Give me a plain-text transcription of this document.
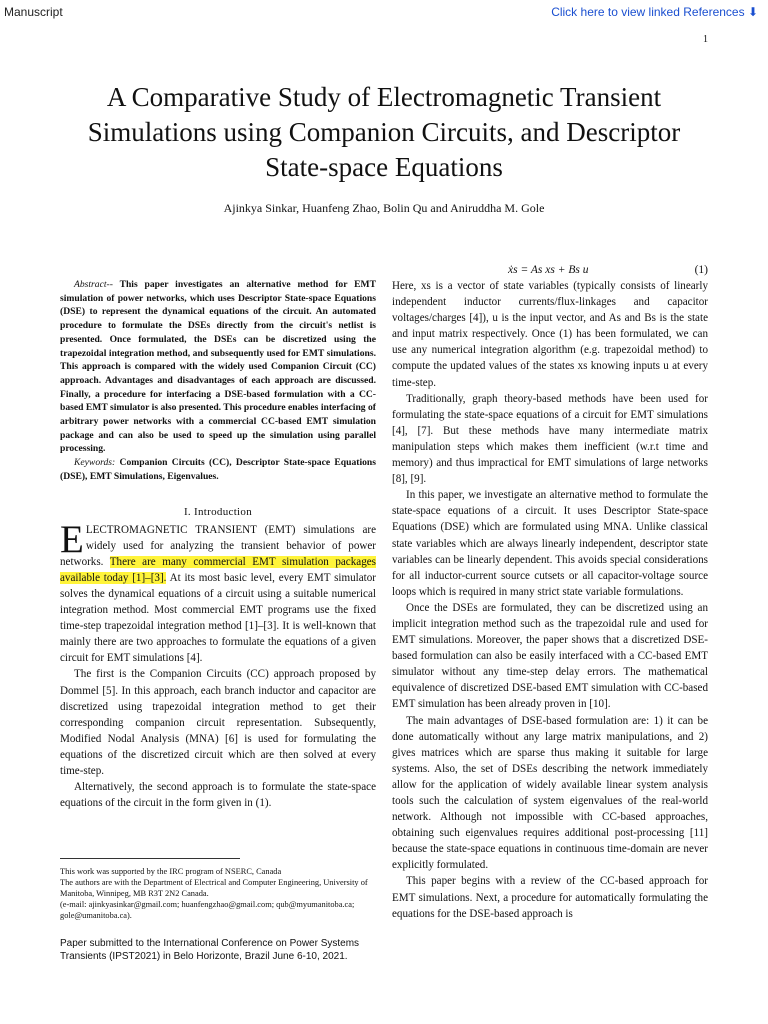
Manuscript	Click here to view linked References ⬇
1
A Comparative Study of Electromagnetic Transient Simulations using Companion Circuits, and Descriptor State-space Equations
Ajinkya Sinkar, Huanfeng Zhao, Bolin Qu and Aniruddha M. Gole

Abstract-- This paper investigates an alternative method for EMT simulation of power networks, which uses Descriptor State-space Equations (DSE) to represent the dynamical equations of the circuit. An automated procedure to formulate the DSEs directly from the circuit's netlist is presented. Once formulated, the DSEs can be discretized using the trapezoidal integration method, and subsequently used for EMT simulations. This approach is compared with the widely used Companion Circuit (CC) approach. Advantages and disadvantages of each approach are discussed. Finally, a procedure for interfacing a DSE-based formulation with a CC-based EMT simulator is also presented. This procedure enables interfacing of arbitrary power networks with a commercial CC-based EMT simulation package and can also be used to speed up the simulation using parallel processing.

Keywords: Companion Circuits (CC), Descriptor State-space Equations (DSE), EMT Simulations, Eigenvalues.

I. Introduction

ELECTROMAGNETIC TRANSIENT (EMT) simulations are widely used for analyzing the transient behavior of power networks. There are many commercial EMT simulation packages available today [1]–[3]. At its most basic level, every EMT simulator solves the dynamical equations of a circuit using a suitable numerical integration method. Most commercial EMT programs use the fixed time-step trapezoidal integration method [1]–[3]. It is well-known that mainly there are two approaches to formulate the equations of a given circuit for EMT simulations [4].

The first is the Companion Circuits (CC) approach proposed by Dommel [5]. In this approach, each branch inductor and capacitor are discretized using trapezoidal integration method to get their corresponding companion circuit representation. Subsequently, Modified Nodal Analysis (MNA) [6] is used for formulating the equations of the discretized circuit which are then solved at every time-step.

Alternatively, the second approach is to formulate the state-space equations of the circuit in the form given in (1).

ẋs = As xs + Bs u	(1)

Here, xs is a vector of state variables (typically consists of linearly independent inductor currents/flux-linkages and capacitor voltages/charges [4]), u is the input vector, and As and Bs is the state and input matrix respectively. Once (1) has been formulated, we can use any numerical integration algorithm (e.g. trapezoidal method) to compute the updated values of the states xs knowing inputs u at every time-step.

Traditionally, graph theory-based methods have been used for formulating the state-space equations of a circuit for EMT simulations [4], [7]. But these methods have many intermediate matrix manipulation steps which makes them inefficient (w.r.t time and memory) and thus impractical for EMT simulations of large networks [8], [9].

In this paper, we investigate an alternative method to formulate the state-space equations of a circuit. It uses Descriptor State-space Equations (DSE) which are formulated using MNA. Unlike classical state variables which are always linearly independent, descriptor state variables can be linearly dependent. This avoids special considerations for all inductor-current source cutsets or all capacitor-voltage source loops which is required in many strict state variable formulations.

Once the DSEs are formulated, they can be discretized using an implicit integration method such as the trapezoidal rule and used for EMT simulations. Moreover, the paper shows that a discretized DSE-based formulation can also be easily interfaced with a CC-based EMT simulator without any time-step delay errors. The mathematical equivalence of discretized DSE-based EMT simulation with CC-based EMT simulation has been already proven in [10].

The main advantages of DSE-based formulation are: 1) it can be done automatically without any large matrix manipulations, and 2) gives matrices which are sparse thus making it suitable for large systems. Also, the set of DSEs describing the network immediately allow for the application of widely available linear system analysis tools such the calculation of system eigenvalues of the real-world network. Although not impossible with CC-based approaches, obtaining such eigenvalues requires additional post-processing [11] because the state-space equations in continuous time-domain are never explicitly formulated.

This paper begins with a review of the CC-based approach for EMT simulations. Next, a procedure for automatically formulating the equations for the DSE-based approach is

This work was supported by the IRC program of NSERC, Canada
The authors are with the Department of Electrical and Computer Engineering, University of Manitoba, Winnipeg, MB R3T 2N2 Canada.
(e-mail: ajinkyasinkar@gmail.com; huanfengzhao@gmail.com; qub@myumanitoba.ca; gole@umanitoba.ca).
Paper submitted to the International Conference on Power Systems Transients (IPST2021) in Belo Horizonte, Brazil June 6-10, 2021.
